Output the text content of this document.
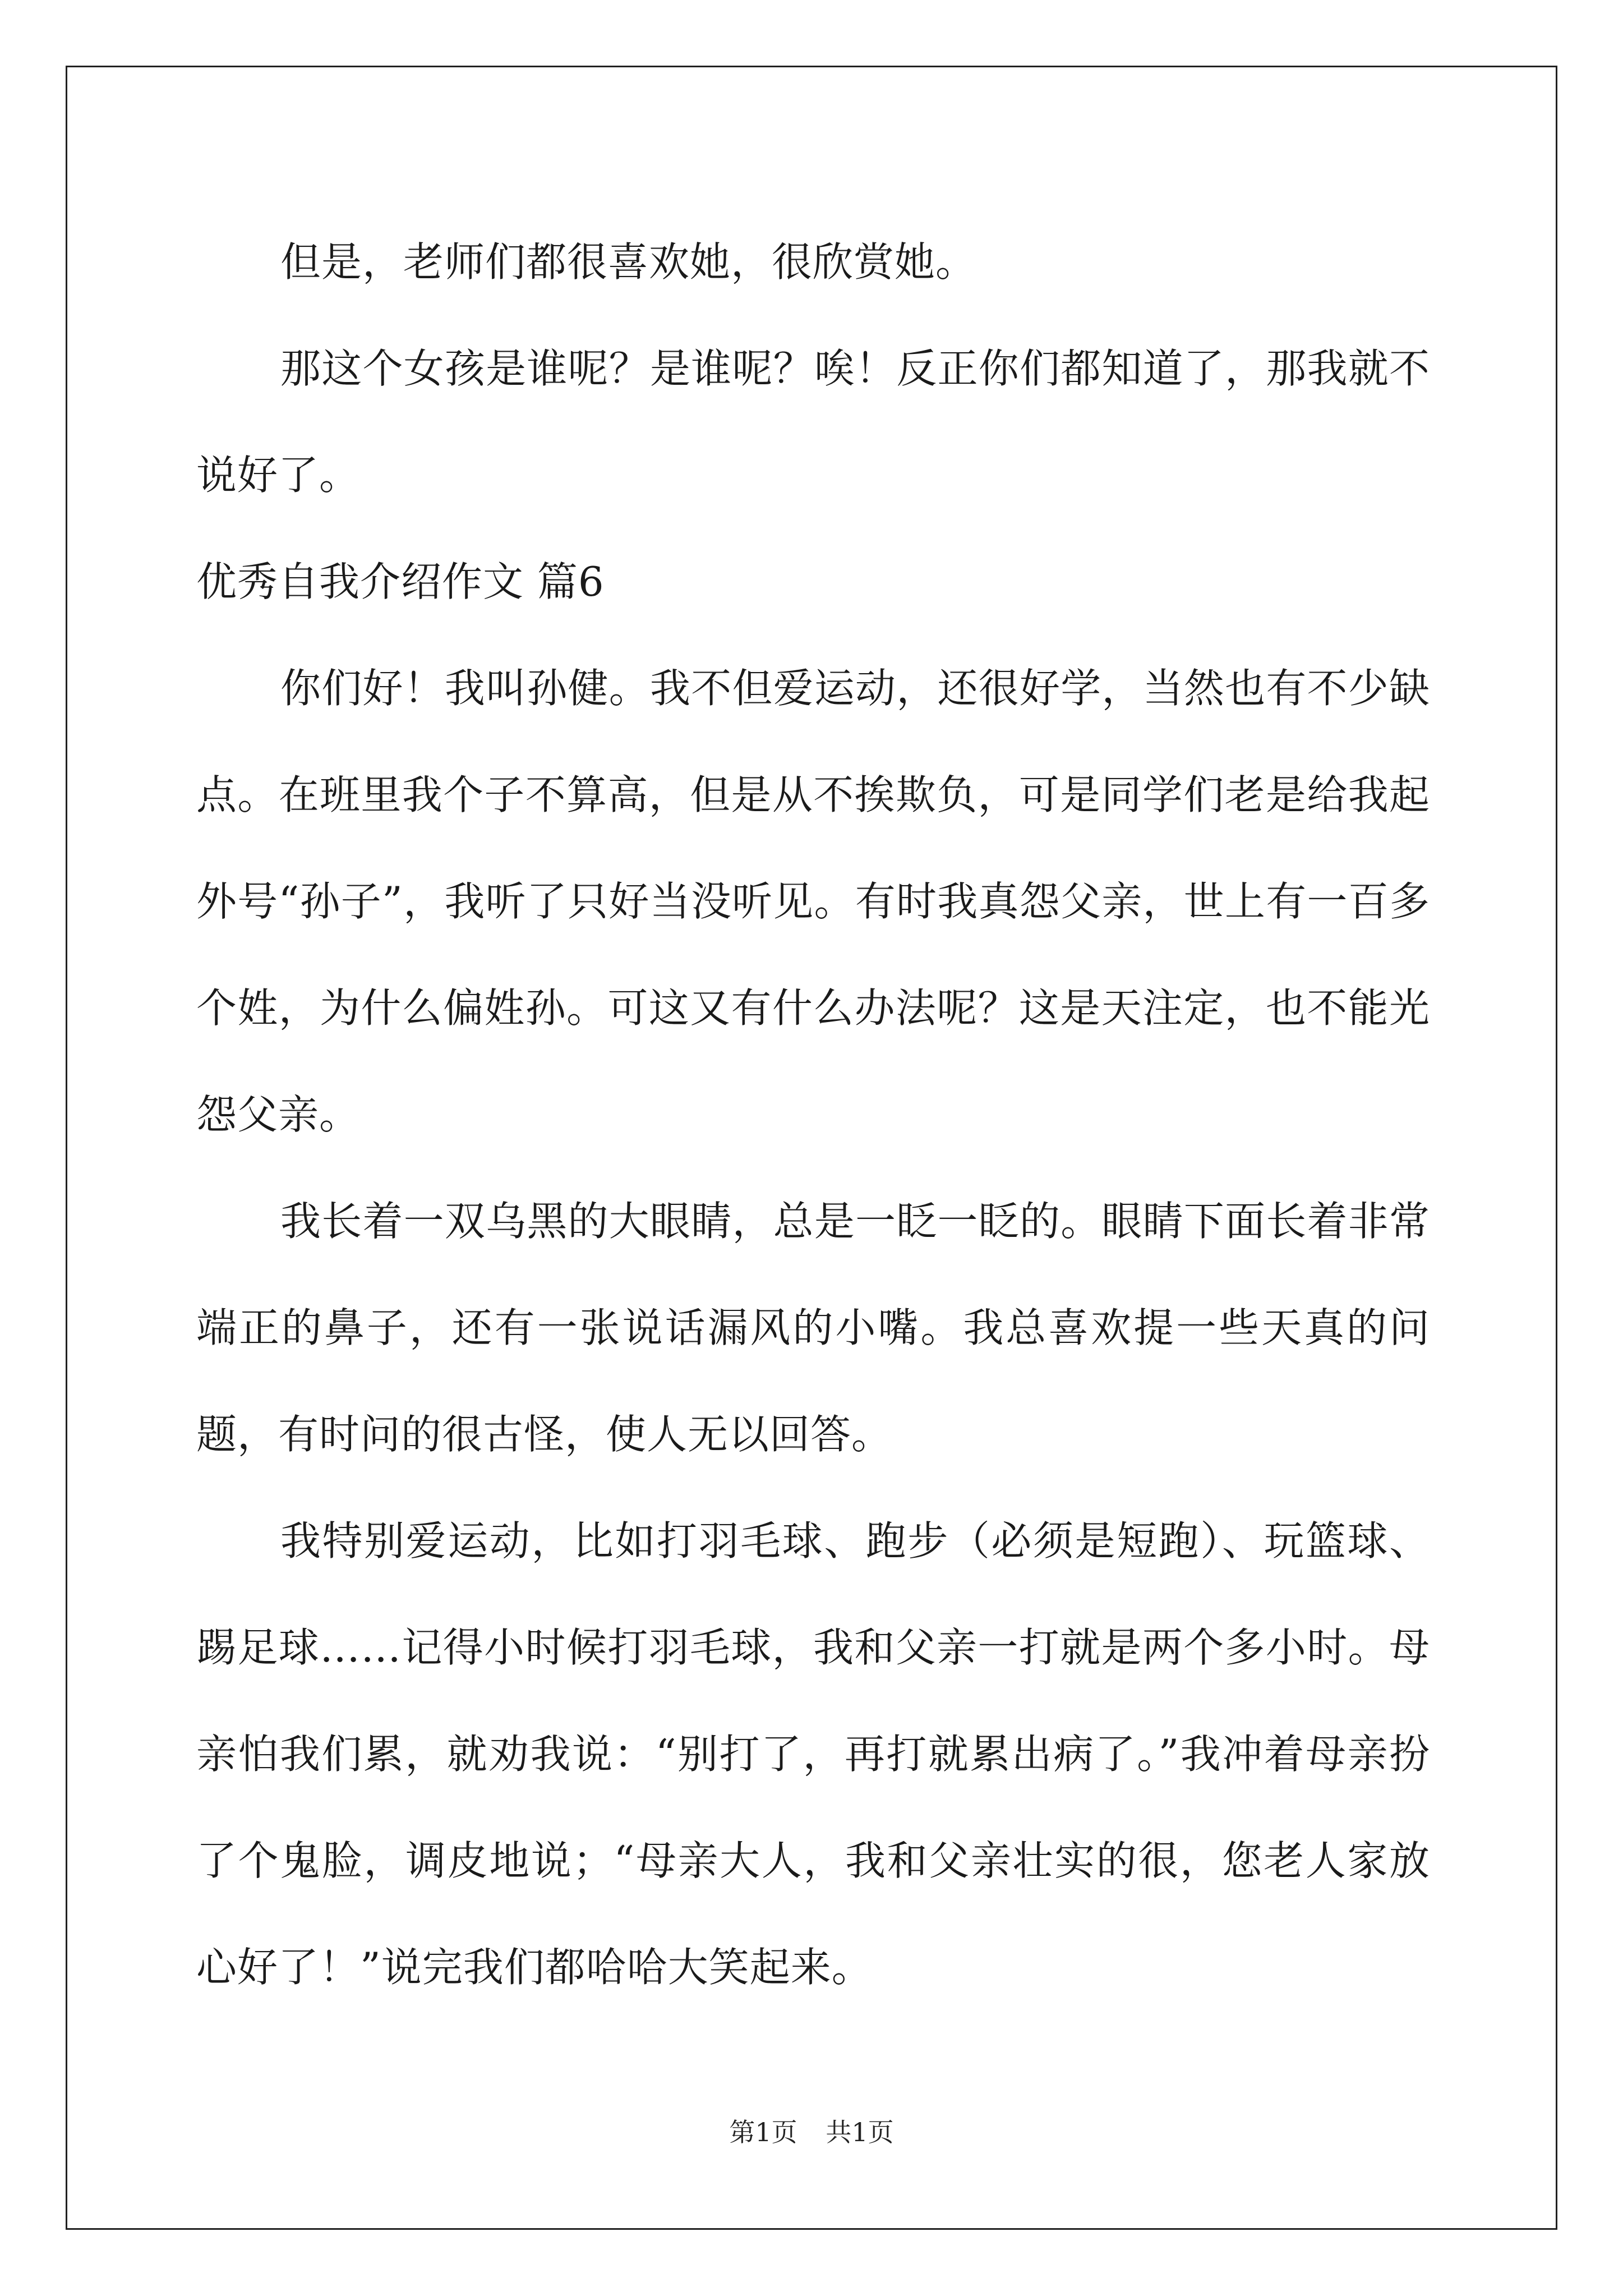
但是，老师们都很喜欢她，很欣赏她。

那这个女孩是谁呢？是谁呢？唉！反正你们都知道了，那我就不说好了。

优秀自我介绍作文 篇6

你们好！我叫孙健。我不但爱运动，还很好学，当然也有不少缺点。在班里我个子不算高，但是从不挨欺负，可是同学们老是给我起外号“孙子”，我听了只好当没听见。有时我真怨父亲，世上有一百多个姓，为什么偏姓孙。可这又有什么办法呢？这是天注定，也不能光怨父亲。

我长着一双乌黑的大眼睛，总是一眨一眨的。眼睛下面长着非常端正的鼻子，还有一张说话漏风的小嘴。我总喜欢提一些天真的问题，有时问的很古怪，使人无以回答。

我特别爱运动，比如打羽毛球、跑步（必须是短跑）、玩篮球、踢足球……记得小时候打羽毛球，我和父亲一打就是两个多小时。母亲怕我们累，就劝我说：“别打了，再打就累出病了。”我冲着母亲扮了个鬼脸，调皮地说；“母亲大人，我和父亲壮实的很，您老人家放心好了！”说完我们都哈哈大笑起来。

第1页 共1页
